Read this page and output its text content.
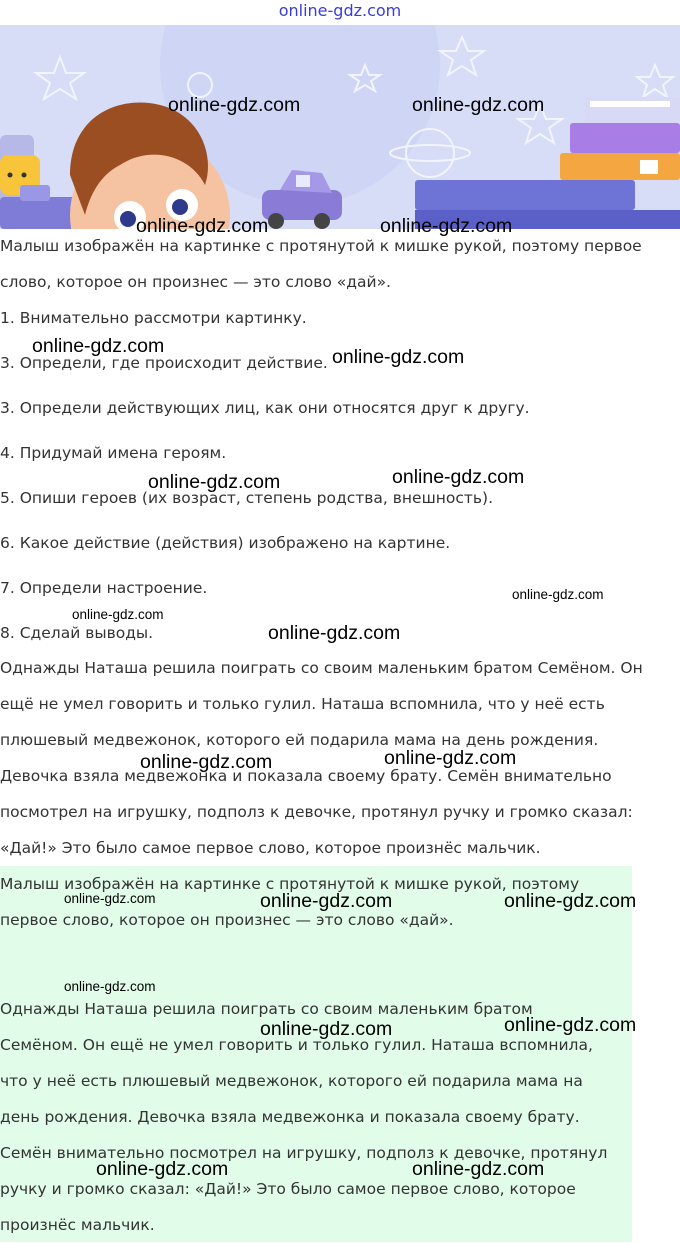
online-gdz.com
Малыш изображён на картинке с протянутой к мишке рукой, поэтому первое
слово, которое он произнес — это слово «дай».
1. Внимательно рассмотри картинку.
3. Определи, где происходит действие.
3. Определи действующих лиц, как они относятся друг к другу.
4. Придумай имена героям.
5. Опиши героев (их возраст, степень родства, внешность).
6. Какое действие (действия) изображено на картине.
7. Определи настроение.
8. Сделай выводы.
Однажды Наташа решила поиграть со своим маленьким братом Семёном. Он
ещё не умел говорить и только гулил. Наташа вспомнила, что у неё есть
плюшевый медвежонок, которого ей подарила мама на день рождения.
Девочка взяла медвежонка и показала своему брату. Семён внимательно
посмотрел на игрушку, подполз к девочке, протянул ручку и громко сказал:
«Дай!» Это было самое первое слово, которое произнёс мальчик.
Малыш изображён на картинке с протянутой к мишке рукой, поэтому
первое слово, которое он произнес — это слово «дай».
Однажды Наташа решила поиграть со своим маленьким братом
Семёном. Он ещё не умел говорить и только гулил. Наташа вспомнила,
что у неё есть плюшевый медвежонок, которого ей подарила мама на
день рождения. Девочка взяла медвежонка и показала своему брату.
Семён внимательно посмотрел на игрушку, подполз к девочке, протянул
ручку и громко сказал: «Дай!» Это было самое первое слово, которое
произнёс мальчик.
online-gdz.com	online-gdz.com
online-gdz.com	online-gdz.com
online-gdz.com	online-gdz.com
online-gdz.com	online-gdz.com
online-gdz.com
online-gdz.com
online-gdz.com
online-gdz.com	online-gdz.com
online-gdz.com	online-gdz.com	online-gdz.com
online-gdz.com
online-gdz.com	online-gdz.com
online-gdz.com	online-gdz.com
